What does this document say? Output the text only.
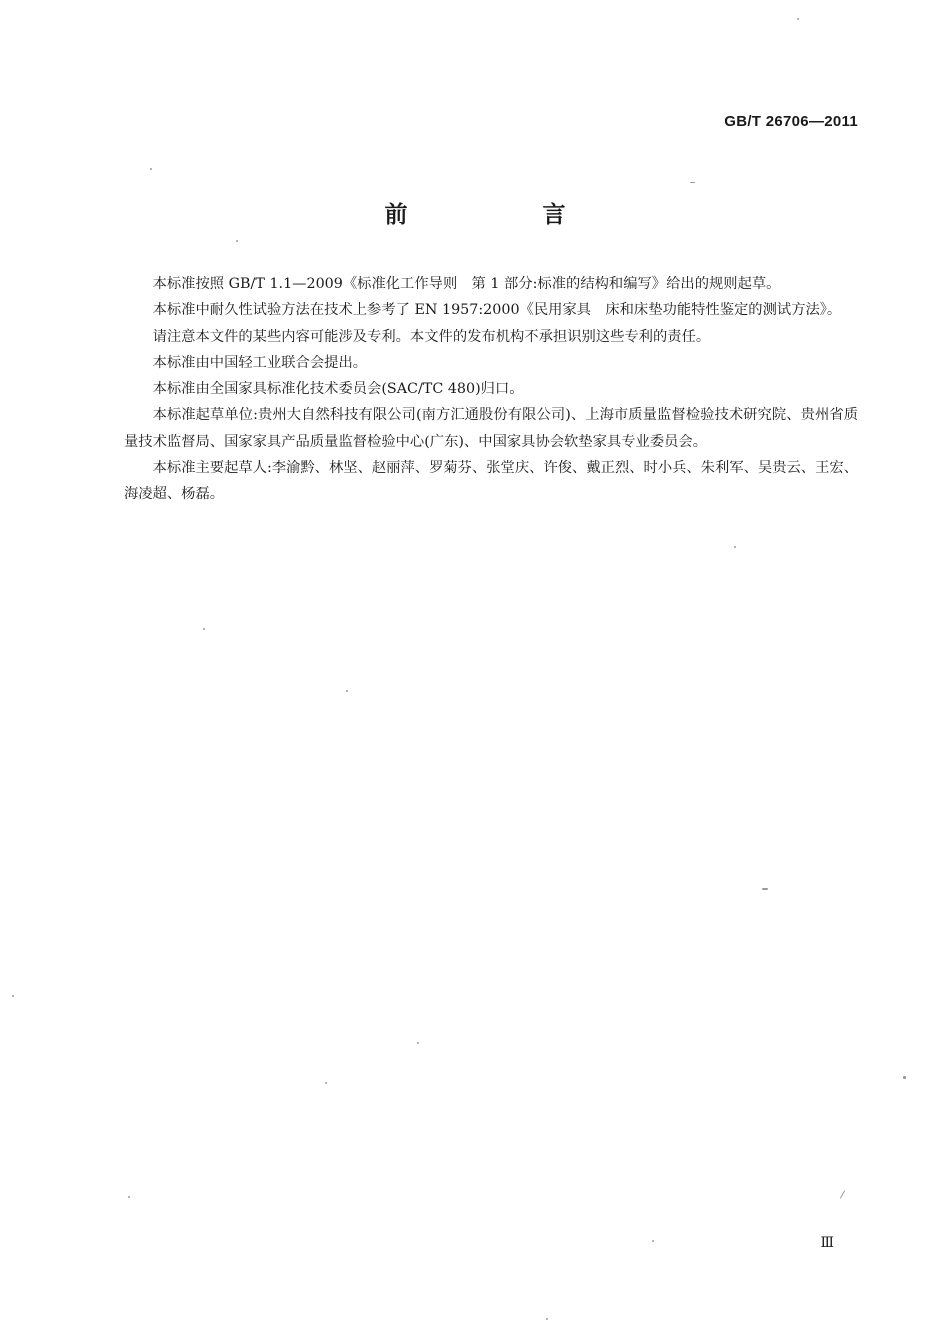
GB/T 26706—2011
前　言

本标准按照 GB/T 1.1—2009《标准化工作导则　第 1 部分:标准的结构和编写》给出的规则起草。

本标准中耐久性试验方法在技术上参考了 EN 1957:2000《民用家具　床和床垫功能特性鉴定的测试方法》。

请注意本文件的某些内容可能涉及专利。本文件的发布机构不承担识别这些专利的责任。

本标准由中国轻工业联合会提出。

本标准由全国家具标准化技术委员会(SAC/TC 480)归口。

本标准起草单位:贵州大自然科技有限公司(南方汇通股份有限公司)、上海市质量监督检验技术研究院、贵州省质量技术监督局、国家家具产品质量监督检验中心(广东)、中国家具协会软垫家具专业委员会。

本标准主要起草人:李渝黔、林坚、赵丽萍、罗菊芬、张堂庆、许俊、戴正烈、时小兵、朱利军、吴贵云、王宏、海凌超、杨磊。

Ⅲ
